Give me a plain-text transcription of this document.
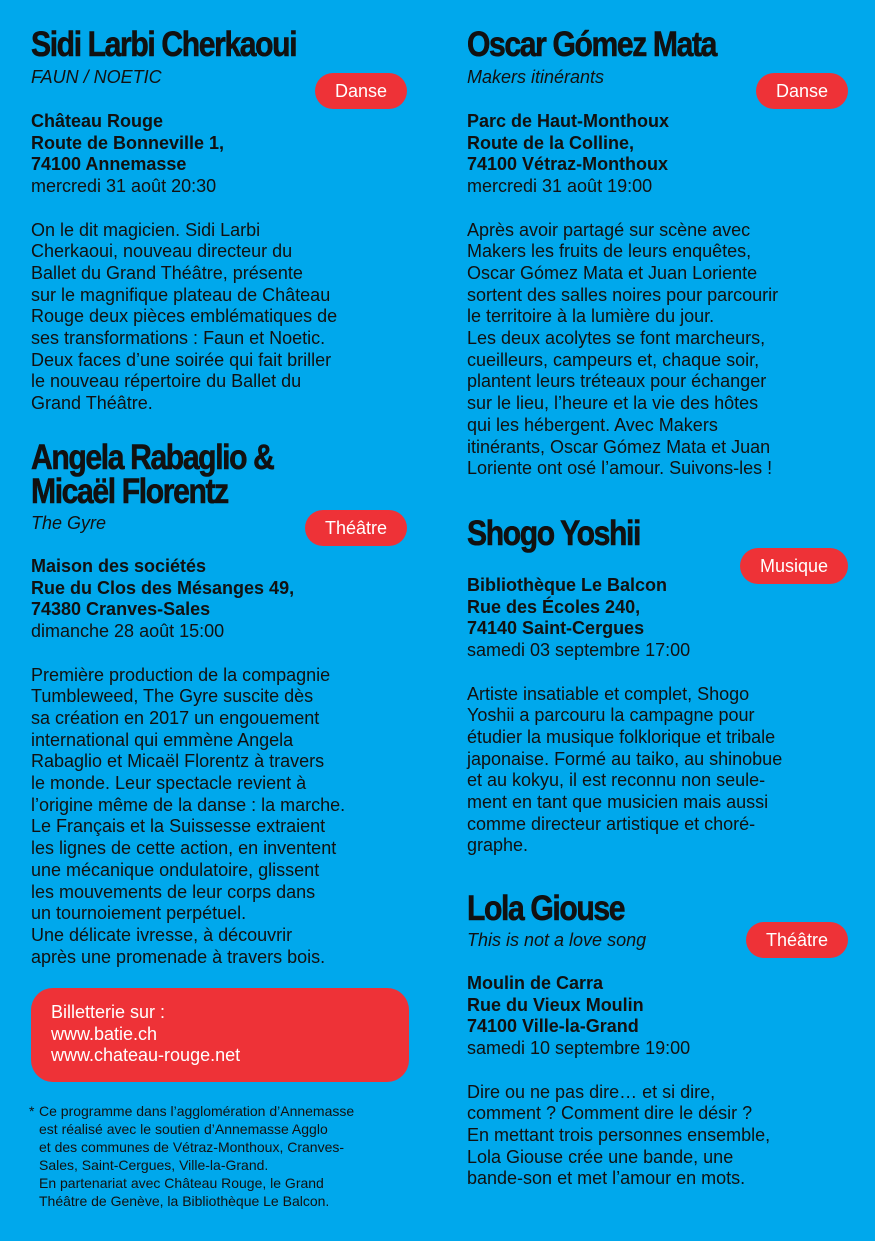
Sidi Larbi Cherkaoui
FAUN / NOETIC
Danse
Château Rouge
Route de Bonneville 1,
74100 Annemasse
mercredi 31 août 20:30

On le dit magicien. Sidi Larbi

Cherkaoui, nouveau directeur du

Ballet du Grand Théâtre, présente

sur le magnifique plateau de Château

Rouge deux pièces emblématiques de

ses transformations : Faun et Noetic.

Deux faces d’une soirée qui fait briller

le nouveau répertoire du Ballet du

Grand Théâtre.

Angela Rabaglio &
Micaël Florentz
The Gyre	Théâtre
Maison des sociétés
Rue du Clos des Mésanges 49,
74380 Cranves-Sales
dimanche 28 août 15:00

Première production de la compagnie

Tumbleweed, The Gyre suscite dès

sa création en 2017 un engouement

international qui emmène Angela

Rabaglio et Micaël Florentz à travers

le monde. Leur spectacle revient à

l’origine même de la danse : la marche.

Le Français et la Suissesse extraient

les lignes de cette action, en inventent

une mécanique ondulatoire, glissent

les mouvements de leur corps dans

un tournoiement perpétuel.

Une délicate ivresse, à découvrir

après une promenade à travers bois.

Billetterie sur :
www.batie.ch
www.chateau-rouge.net
* Ce programme dans l’agglomération d’Annemasse
est réalisé avec le soutien d’Annemasse Agglo
et des communes de Vétraz-Monthoux, Cranves-
Sales, Saint-Cergues, Ville-la-Grand.
En partenariat avec Château Rouge, le Grand
Théâtre de Genève, la Bibliothèque Le Balcon.
Oscar Gómez Mata
Makers itinérants
Danse
Parc de Haut-Monthoux
Route de la Colline,
74100 Vétraz-Monthoux
mercredi 31 août 19:00

Après avoir partagé sur scène avec

Makers les fruits de leurs enquêtes,

Oscar Gómez Mata et Juan Loriente

sortent des salles noires pour parcourir

le territoire à la lumière du jour.

Les deux acolytes se font marcheurs,

cueilleurs, campeurs et, chaque soir,

plantent leurs tréteaux pour échanger

sur le lieu, l’heure et la vie des hôtes

qui les hébergent. Avec Makers

itinérants, Oscar Gómez Mata et Juan

Loriente ont osé l’amour. Suivons-les !

Shogo Yoshii
Musique
Bibliothèque Le Balcon
Rue des Écoles 240,
74140 Saint-Cergues
samedi 03 septembre 17:00

Artiste insatiable et complet, Shogo

Yoshii a parcouru la campagne pour

étudier la musique folklorique et tribale

japonaise. Formé au taiko, au shinobue

et au kokyu, il est reconnu non seule-

ment en tant que musicien mais aussi

comme directeur artistique et choré-

graphe.

Lola Giouse
This is not a love song	Théâtre
Moulin de Carra
Rue du Vieux Moulin
74100 Ville-la-Grand
samedi 10 septembre 19:00

Dire ou ne pas dire… et si dire,

comment ? Comment dire le désir ?

En mettant trois personnes ensemble,

Lola Giouse crée une bande, une

bande-son et met l’amour en mots.
